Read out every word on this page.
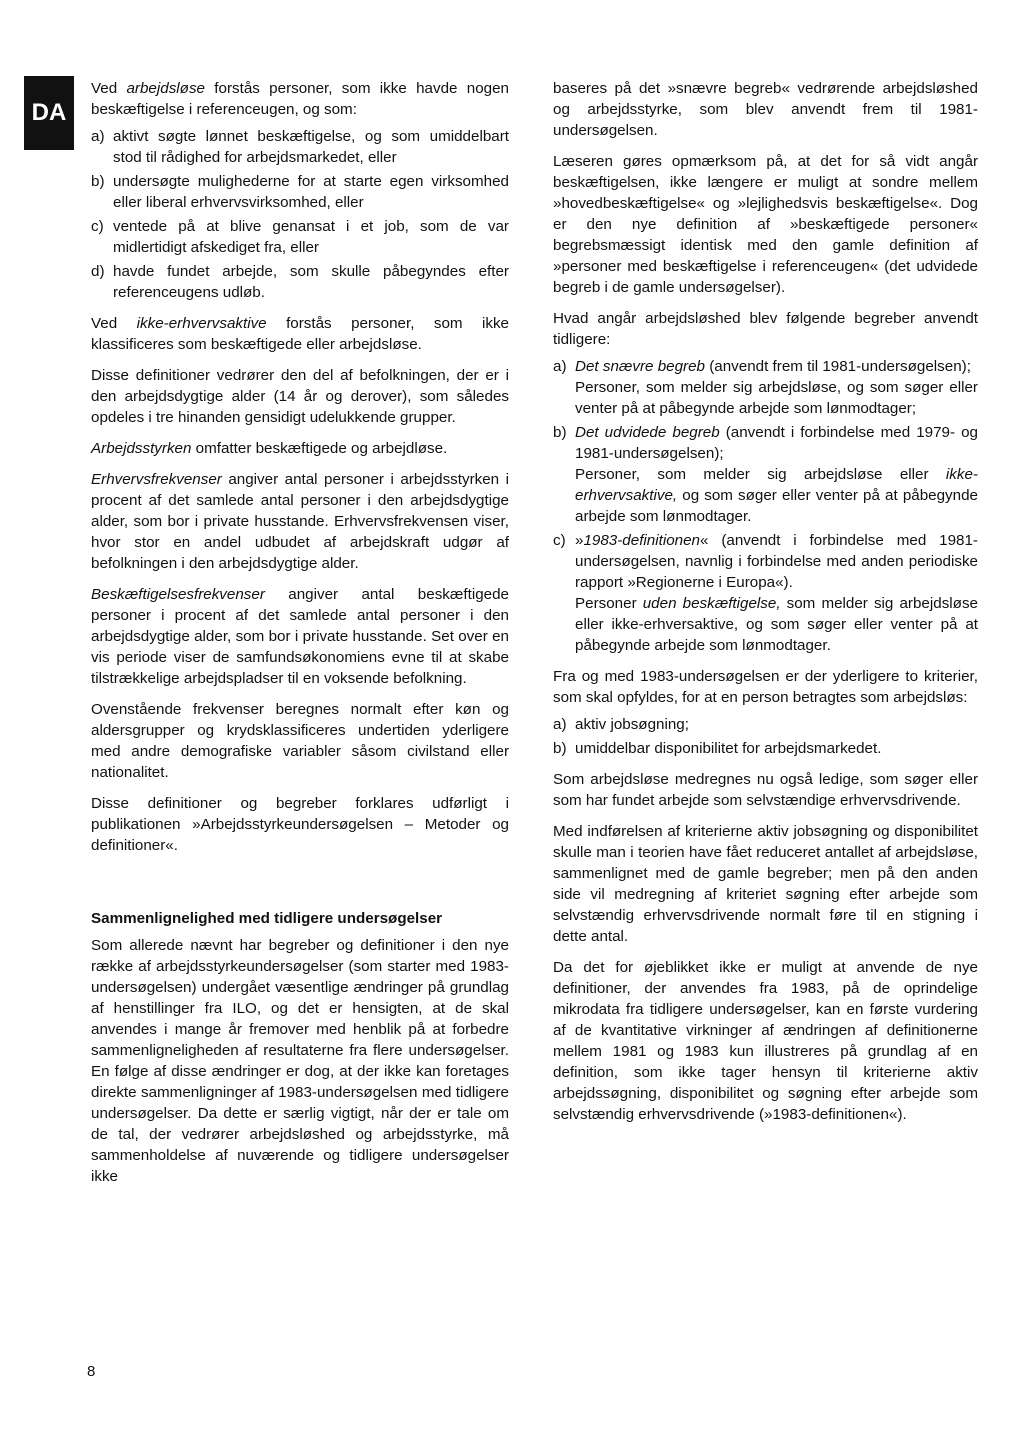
DA

Ved arbejdsløse forstås personer, som ikke havde nogen beskæftigelse i referenceugen, og som:

a) aktivt søgte lønnet beskæftigelse, og som umiddelbart stod til rådighed for arbejdsmarkedet, eller
b) undersøgte mulighederne for at starte egen virksomhed eller liberal erhvervsvirksomhed, eller
c) ventede på at blive genansat i et job, som de var midlertidigt afskediget fra, eller
d) havde fundet arbejde, som skulle påbegyndes efter referenceugens udløb.

Ved ikke-erhvervsaktive forstås personer, som ikke klassificeres som beskæftigede eller arbejdsløse.

Disse definitioner vedrører den del af befolkningen, der er i den arbejdsdygtige alder (14 år og derover), som således opdeles i tre hinanden gensidigt udelukkende grupper.

Arbejdsstyrken omfatter beskæftigede og arbejdløse.

Erhvervsfrekvenser angiver antal personer i arbejdsstyrken i procent af det samlede antal personer i den arbejdsdygtige alder, som bor i private husstande. Erhvervsfrekvensen viser, hvor stor en andel udbudet af arbejdskraft udgør af befolkningen i den arbejdsdygtige alder.

Beskæftigelsesfrekvenser angiver antal beskæftigede personer i procent af det samlede antal personer i den arbejdsdygtige alder, som bor i private husstande. Set over en vis periode viser de samfundsøkonomiens evne til at skabe tilstrækkelige arbejdspladser til en voksende befolkning.

Ovenstående frekvenser beregnes normalt efter køn og aldersgrupper og krydsklassificeres undertiden yderligere med andre demografiske variabler såsom civilstand eller nationalitet.

Disse definitioner og begreber forklares udførligt i publikationen »Arbejdsstyrkeundersøgelsen – Metoder og definitioner«.

Sammenlignelighed med tidligere undersøgelser

Som allerede nævnt har begreber og definitioner i den nye række af arbejdsstyrkeundersøgelser (som starter med 1983-undersøgelsen) undergået væsentlige ændringer på grundlag af henstillinger fra ILO, og det er hensigten, at de skal anvendes i mange år fremover med henblik på at forbedre sammenligneligheden af resultaterne fra flere undersøgelser. En følge af disse ændringer er dog, at der ikke kan foretages direkte sammenligninger af 1983-undersøgelsen med tidligere undersøgelser. Da dette er særlig vigtigt, når der er tale om de tal, der vedrører arbejdsløshed og arbejdsstyrke, må sammenholdelse af nuværende og tidligere undersøgelser ikke

baseres på det »snævre begreb« vedrørende arbejdsløshed og arbejdsstyrke, som blev anvendt frem til 1981-undersøgelsen.

Læseren gøres opmærksom på, at det for så vidt angår beskæftigelsen, ikke længere er muligt at sondre mellem »hovedbeskæftigelse« og »lejlighedsvis beskæftigelse«. Dog er den nye definition af »beskæftigede personer« begrebsmæssigt identisk med den gamle definition af »personer med beskæftigelse i referenceugen« (det udvidede begreb i de gamle undersøgelser).

Hvad angår arbejdsløshed blev følgende begreber anvendt tidligere:

a) Det snævre begreb (anvendt frem til 1981-undersøgelsen);

Personer, som melder sig arbejdsløse, og som søger eller venter på at påbegynde arbejde som lønmodtager;

b) Det udvidede begreb (anvendt i forbindelse med 1979- og 1981-undersøgelsen);

Personer, som melder sig arbejdsløse eller ikke-erhvervsaktive, og som søger eller venter på at påbegynde arbejde som lønmodtager.

c) »1983-definitionen« (anvendt i forbindelse med 1981-undersøgelsen, navnlig i forbindelse med anden periodiske rapport »Regionerne i Europa«).

Personer uden beskæftigelse, som melder sig arbejdsløse eller ikke-erhversaktive, og som søger eller venter på at påbegynde arbejde som lønmodtager.

Fra og med 1983-undersøgelsen er der yderligere to kriterier, som skal opfyldes, for at en person betragtes som arbejdsløs:

a) aktiv jobsøgning;
b) umiddelbar disponibilitet for arbejdsmarkedet.

Som arbejdsløse medregnes nu også ledige, som søger eller som har fundet arbejde som selvstændige erhvervsdrivende.

Med indførelsen af kriterierne aktiv jobsøgning og disponibilitet skulle man i teorien have fået reduceret antallet af arbejdsløse, sammenlignet med de gamle begreber; men på den anden side vil medregning af kriteriet søgning efter arbejde som selvstændig erhvervsdrivende normalt føre til en stigning i dette antal.

Da det for øjeblikket ikke er muligt at anvende de nye definitioner, der anvendes fra 1983, på de oprindelige mikrodata fra tidligere undersøgelser, kan en første vurdering af de kvantitative virkninger af ændringen af definitionerne mellem 1981 og 1983 kun illustreres på grundlag af en definition, som ikke tager hensyn til kriterierne aktiv arbejdssøgning, disponibilitet og søgning efter arbejde som selvstændig erhvervsdrivende (»1983-definitionen«).

8
